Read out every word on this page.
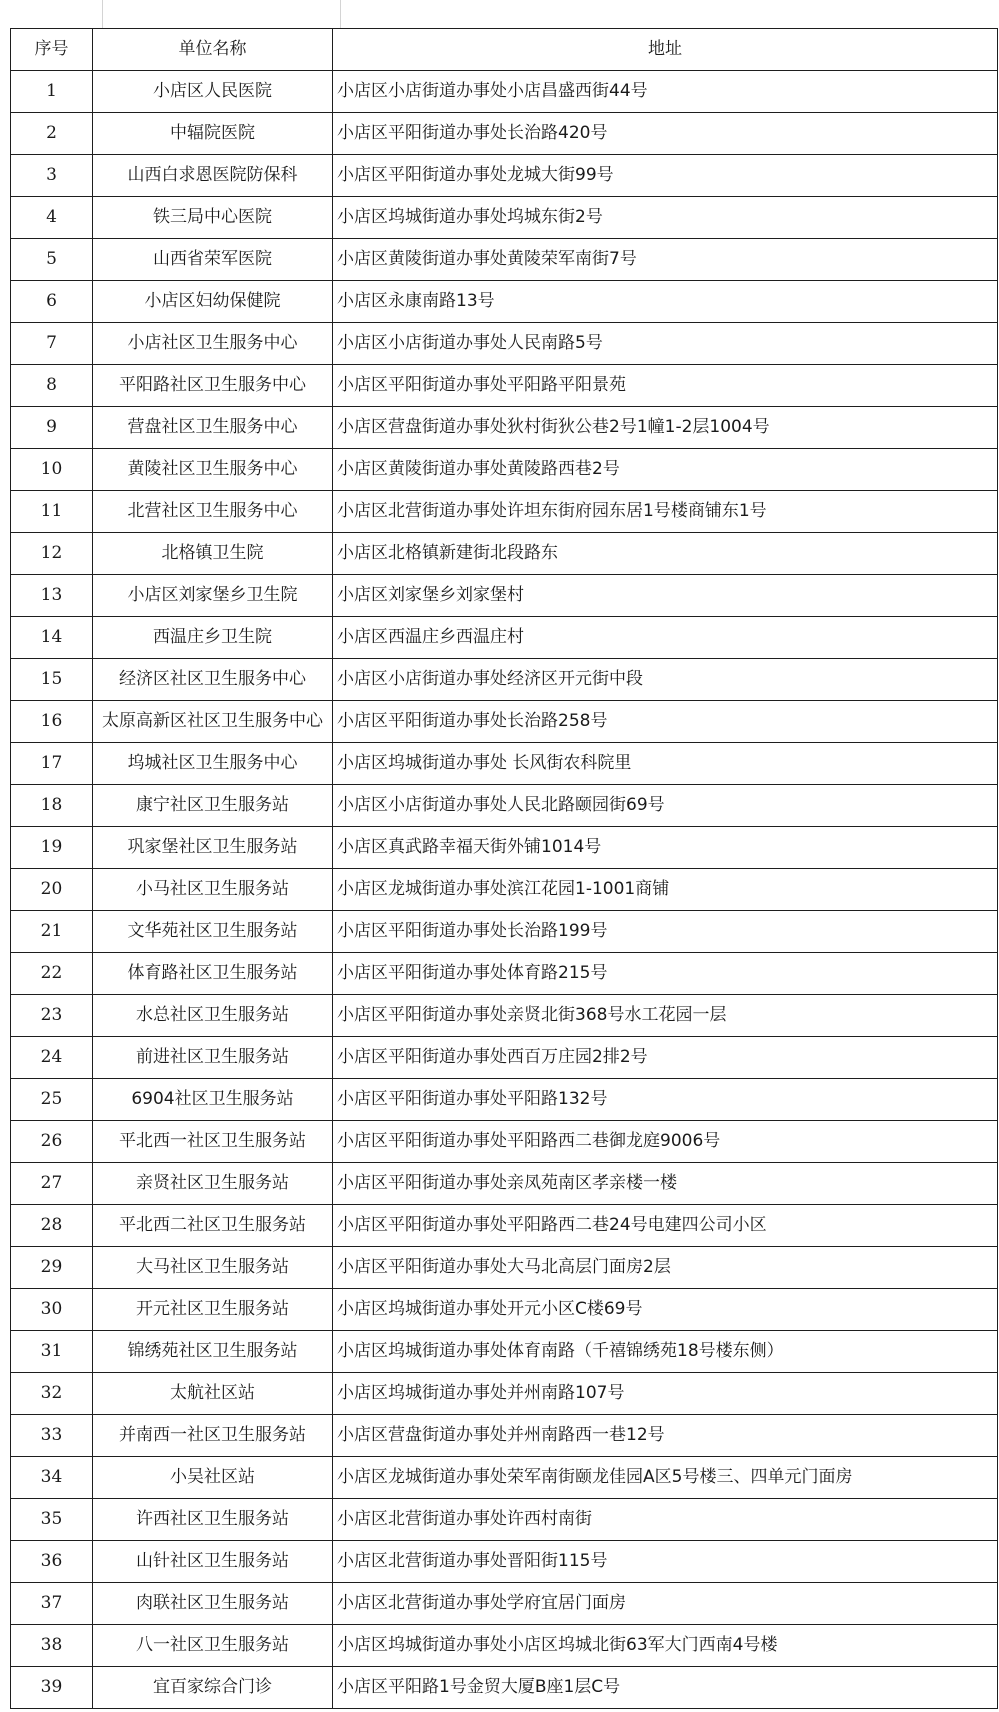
序号	单位名称	地址
1	小店区人民医院	小店区小店街道办事处小店昌盛西街44号
2	中辐院医院	小店区平阳街道办事处长治路420号
3	山西白求恩医院防保科	小店区平阳街道办事处龙城大街99号
4	铁三局中心医院	小店区坞城街道办事处坞城东街2号
5	山西省荣军医院	小店区黄陵街道办事处黄陵荣军南街7号
6	小店区妇幼保健院	小店区永康南路13号
7	小店社区卫生服务中心	小店区小店街道办事处人民南路5号
8	平阳路社区卫生服务中心	小店区平阳街道办事处平阳路平阳景苑
9	营盘社区卫生服务中心	小店区营盘街道办事处狄村街狄公巷2号1幢1-2层1004号
10	黄陵社区卫生服务中心	小店区黄陵街道办事处黄陵路西巷2号
11	北营社区卫生服务中心	小店区北营街道办事处许坦东街府园东居1号楼商铺东1号
12	北格镇卫生院	小店区北格镇新建街北段路东
13	小店区刘家堡乡卫生院	小店区刘家堡乡刘家堡村
14	西温庄乡卫生院	小店区西温庄乡西温庄村
15	经济区社区卫生服务中心	小店区小店街道办事处经济区开元街中段
16	太原高新区社区卫生服务中心	小店区平阳街道办事处长治路258号
17	坞城社区卫生服务中心	小店区坞城街道办事处 长风街农科院里
18	康宁社区卫生服务站	小店区小店街道办事处人民北路颐园街69号
19	巩家堡社区卫生服务站	小店区真武路幸福天街外铺1014号
20	小马社区卫生服务站	小店区龙城街道办事处滨江花园1-1001商铺
21	文华苑社区卫生服务站	小店区平阳街道办事处长治路199号
22	体育路社区卫生服务站	小店区平阳街道办事处体育路215号
23	水总社区卫生服务站	小店区平阳街道办事处亲贤北街368号水工花园一层
24	前进社区卫生服务站	小店区平阳街道办事处西百万庄园2排2号
25	6904社区卫生服务站	小店区平阳街道办事处平阳路132号
26	平北西一社区卫生服务站	小店区平阳街道办事处平阳路西二巷御龙庭9006号
27	亲贤社区卫生服务站	小店区平阳街道办事处亲凤苑南区孝亲楼一楼
28	平北西二社区卫生服务站	小店区平阳街道办事处平阳路西二巷24号电建四公司小区
29	大马社区卫生服务站	小店区平阳街道办事处大马北高层门面房2层
30	开元社区卫生服务站	小店区坞城街道办事处开元小区C楼69号
31	锦绣苑社区卫生服务站	小店区坞城街道办事处体育南路（千禧锦绣苑18号楼东侧）
32	太航社区站	小店区坞城街道办事处并州南路107号
33	并南西一社区卫生服务站	小店区营盘街道办事处并州南路西一巷12号
34	小吴社区站	小店区龙城街道办事处荣军南街颐龙佳园A区5号楼三、四单元门面房
35	许西社区卫生服务站	小店区北营街道办事处许西村南街
36	山针社区卫生服务站	小店区北营街道办事处晋阳街115号
37	肉联社区卫生服务站	小店区北营街道办事处学府宜居门面房
38	八一社区卫生服务站	小店区坞城街道办事处小店区坞城北街63军大门西南4号楼
39	宜百家综合门诊	小店区平阳路1号金贸大厦B座1层C号
